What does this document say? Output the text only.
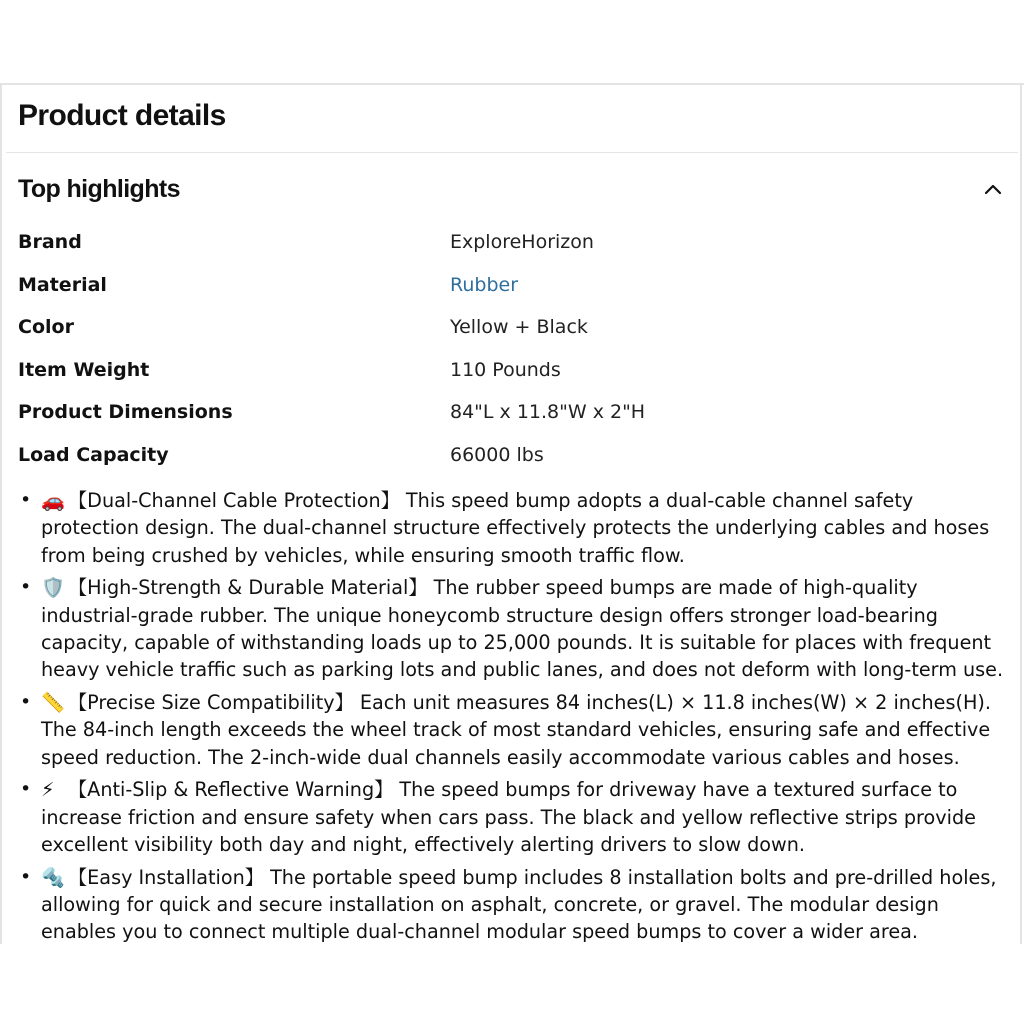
Product details
Top highlights
Brand	ExploreHorizon
Material	Rubber
Color	Yellow + Black
Item Weight	110 Pounds
Product Dimensions	84"L x 11.8"W x 2"H
Load Capacity	66000 lbs
• 🚗 【Dual-Channel Cable Protection】 This speed bump adopts a dual-cable channel safety protection design. The dual-channel structure effectively protects the underlying cables and hoses from being crushed by vehicles, while ensuring smooth traffic flow.
• 🛡️ 【High-Strength & Durable Material】 The rubber speed bumps are made of high-quality industrial-grade rubber. The unique honeycomb structure design offers stronger load-bearing capacity, capable of withstanding loads up to 25,000 pounds. It is suitable for places with frequent heavy vehicle traffic such as parking lots and public lanes, and does not deform with long-term use.
• 📏 【Precise Size Compatibility】 Each unit measures 84 inches(L) × 11.8 inches(W) × 2 inches(H). The 84-inch length exceeds the wheel track of most standard vehicles, ensuring safe and effective speed reduction. The 2-inch-wide dual channels easily accommodate various cables and hoses.
• ⚡ 【Anti-Slip & Reflective Warning】 The speed bumps for driveway have a textured surface to increase friction and ensure safety when cars pass. The black and yellow reflective strips provide excellent visibility both day and night, effectively alerting drivers to slow down.
• 🔩 【Easy Installation】 The portable speed bump includes 8 installation bolts and pre-drilled holes, allowing for quick and secure installation on asphalt, concrete, or gravel. The modular design enables you to connect multiple dual-channel modular speed bumps to cover a wider area.
